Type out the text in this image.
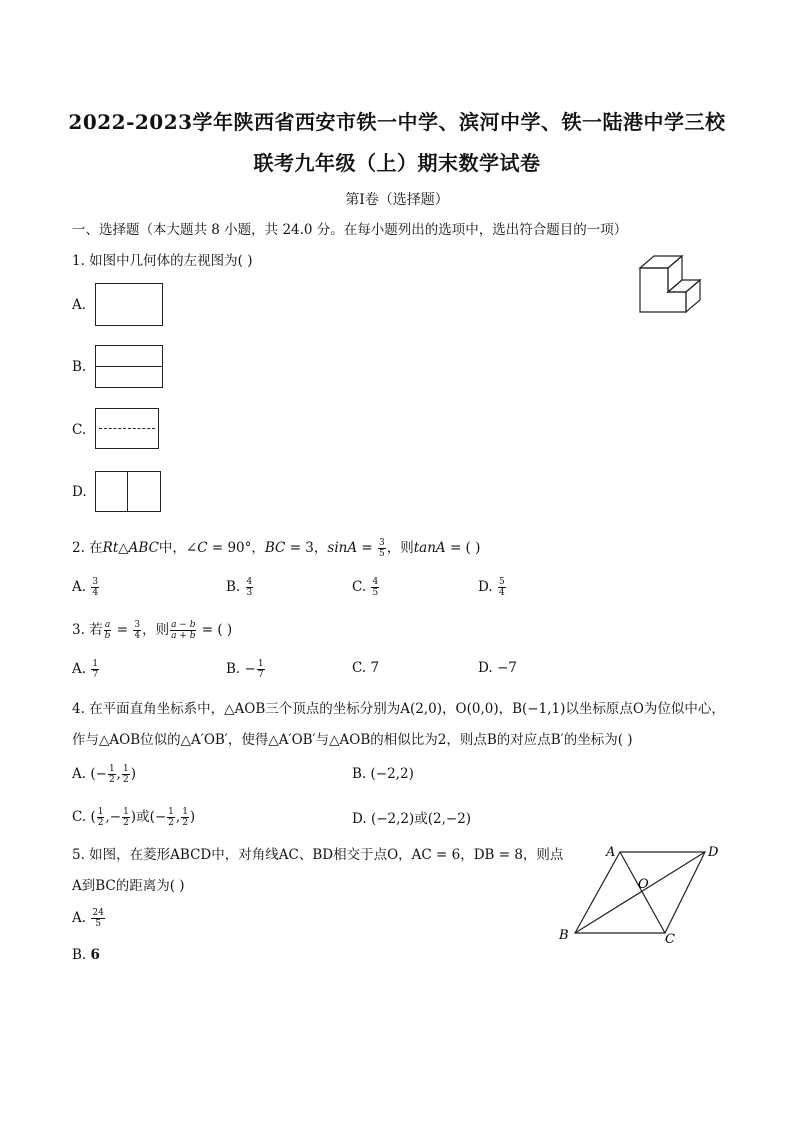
2022-2023学年陕西省西安市铁一中学、滨河中学、铁一陆港中学三校
联考九年级（上）期末数学试卷
第I卷（选择题）
一、选择题（本大题共 8 小题，共 24.0 分。在每小题列出的选项中，选出符合题目的一项）
1. 如图中几何体的左视图为( )
A.
B.
C.
D.
2. 在Rt△ABC中，∠C = 90°，BC = 3，$\sin A = \frac{3}{5}$ ，则tanA = ( )
A. $\frac{3}{4}$	B. $\frac{4}{3}$	C. $\frac{4}{5}$	D. $\frac{5}{4}$
3. 若 $\frac{a}{b} = \frac{3}{4}$ ，则 $\frac{a - b}{a + b}$ = ( )
A. $\frac{1}{7}$	B. − $\frac{1}{7}$	C. 7	D. −7
4. 在平面直角坐标系中，△AOB三个顶点的坐标分别为A(2,0)，O(0,0)，B(−1,1)以坐标原点O为位似中心，
作与△AOB位似的△A′OB′，使得△A′OB′与△AOB的相似比为2，则点B的对应点B′的坐标为( )
A. (− $\frac{1}{2}$ , $\frac{1}{2}$ )	B. (−2,2)
C. ( $\frac{1}{2}$ ,− $\frac{1}{2}$ )或(− $\frac{1}{2}$ , $\frac{1}{2}$ )	D. (−2,2)或(2,−2)
5. 如图，在菱形ABCD中，对角线AC、BD相交于点O，AC = 6，DB = 8，则点
A到BC的距离为( )
A	D
O
B	C
A. $\frac{24}{5}$
B. 6
